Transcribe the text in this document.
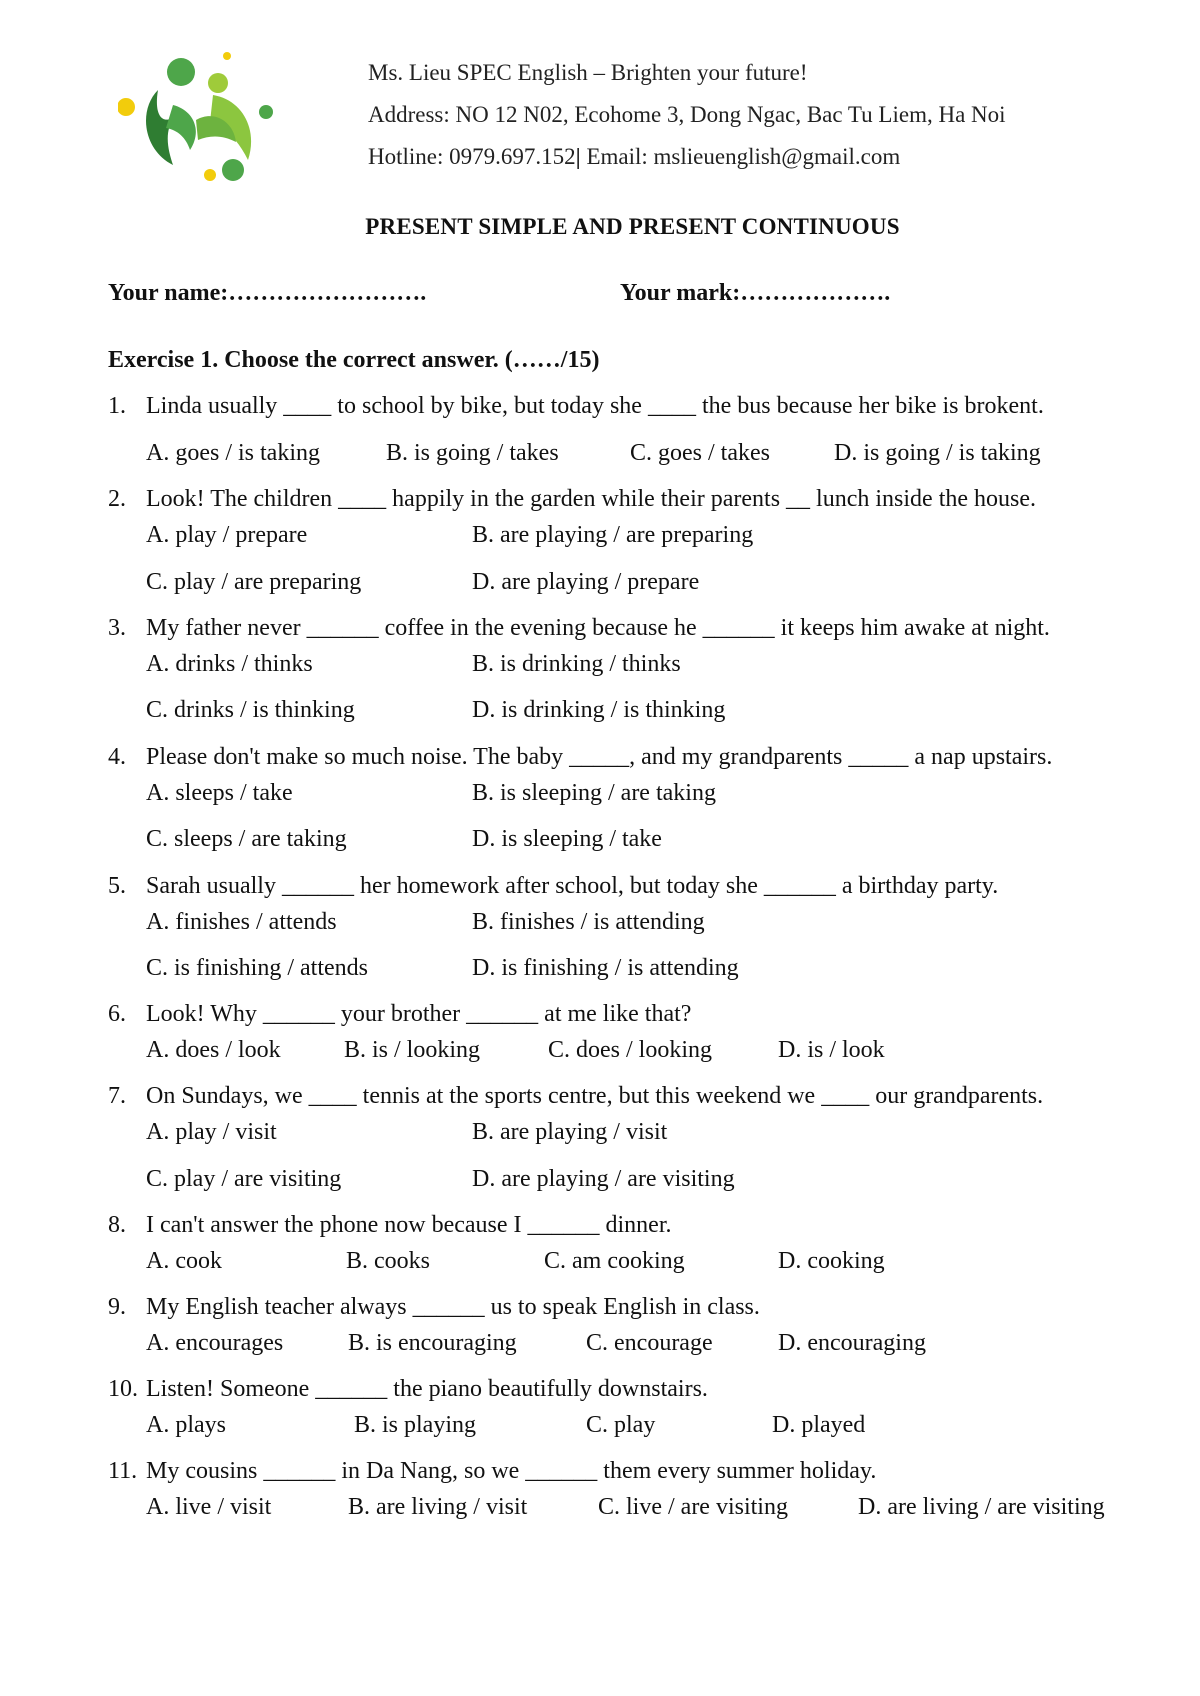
Ms. Lieu SPEC English – Brighten your future!
Address: NO 12 N02, Ecohome 3, Dong Ngac, Bac Tu Liem, Ha Noi
Hotline: 0979.697.152| Email: mslieuenglish@gmail.com
PRESENT SIMPLE AND PRESENT CONTINUOUS
Your name:…………………….	Your mark:……………….
Exercise 1. Choose the correct answer. (……/15)
1. Linda usually ____ to school by bike, but today she ____ the bus because her bike is brokent.
A. goes / is taking	B. is going / takes	C. goes / takes	D. is going / is taking
2. Look! The children ____ happily in the garden while their parents __ lunch inside the house.
A. play / prepare	B. are playing / are preparing
C. play / are preparing	D. are playing / prepare
3. My father never ______ coffee in the evening because he ______ it keeps him awake at night.
A. drinks / thinks	B. is drinking / thinks
C. drinks / is thinking	D. is drinking / is thinking
4. Please don't make so much noise. The baby _____, and my grandparents _____ a nap upstairs.
A. sleeps / take	B. is sleeping / are taking
C. sleeps / are taking	D. is sleeping / take
5. Sarah usually ______ her homework after school, but today she ______ a birthday party.
A. finishes / attends	B. finishes / is attending
C. is finishing / attends	D. is finishing / is attending
6. Look! Why ______ your brother ______ at me like that?
A. does / look	B. is / looking	C. does / looking	D. is / look
7. On Sundays, we ____ tennis at the sports centre, but this weekend we ____ our grandparents.
A. play / visit	B. are playing / visit
C. play / are visiting	D. are playing / are visiting
8. I can't answer the phone now because I ______ dinner.
A. cook	B. cooks	C. am cooking	D. cooking
9. My English teacher always ______ us to speak English in class.
A. encourages	B. is encouraging	C. encourage	D. encouraging
10. Listen! Someone ______ the piano beautifully downstairs.
A. plays	B. is playing	C. play	D. played
11. My cousins ______ in Da Nang, so we ______ them every summer holiday.
A. live / visit	B. are living / visit	C. live / are visiting	D. are living / are visiting
